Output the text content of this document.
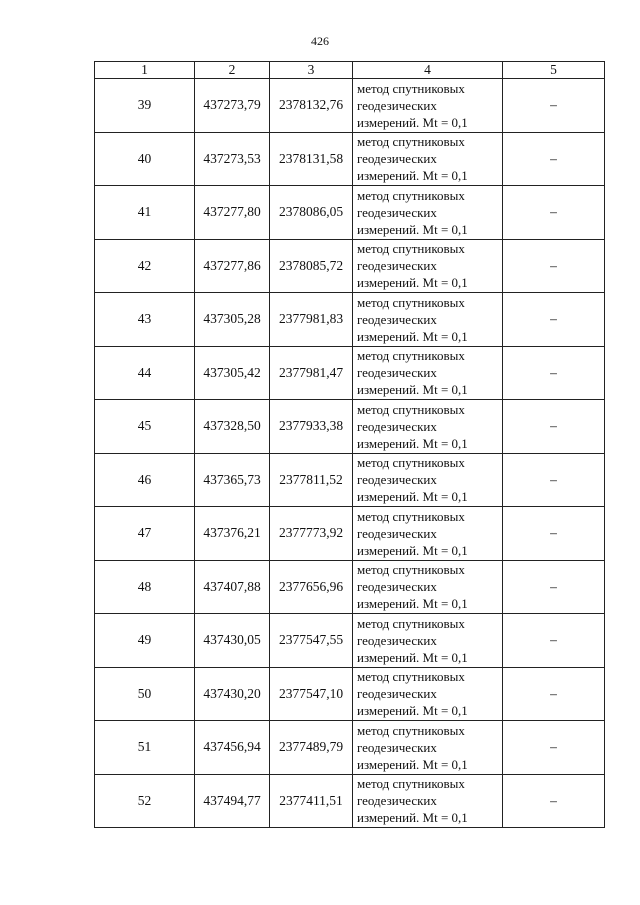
426
1	2	3	4	5
39	437273,79	2378132,76	метод спутниковых
геодезических
измерений. Mt = 0,1	–
40	437273,53	2378131,58	метод спутниковых
геодезических
измерений. Mt = 0,1	–
41	437277,80	2378086,05	метод спутниковых
геодезических
измерений. Mt = 0,1	–
42	437277,86	2378085,72	метод спутниковых
геодезических
измерений. Mt = 0,1	–
43	437305,28	2377981,83	метод спутниковых
геодезических
измерений. Mt = 0,1	–
44	437305,42	2377981,47	метод спутниковых
геодезических
измерений. Mt = 0,1	–
45	437328,50	2377933,38	метод спутниковых
геодезических
измерений. Mt = 0,1	–
46	437365,73	2377811,52	метод спутниковых
геодезических
измерений. Mt = 0,1	–
47	437376,21	2377773,92	метод спутниковых
геодезических
измерений. Mt = 0,1	–
48	437407,88	2377656,96	метод спутниковых
геодезических
измерений. Mt = 0,1	–
49	437430,05	2377547,55	метод спутниковых
геодезических
измерений. Mt = 0,1	–
50	437430,20	2377547,10	метод спутниковых
геодезических
измерений. Mt = 0,1	–
51	437456,94	2377489,79	метод спутниковых
геодезических
измерений. Mt = 0,1	–
52	437494,77	2377411,51	метод спутниковых
геодезических
измерений. Mt = 0,1	–
